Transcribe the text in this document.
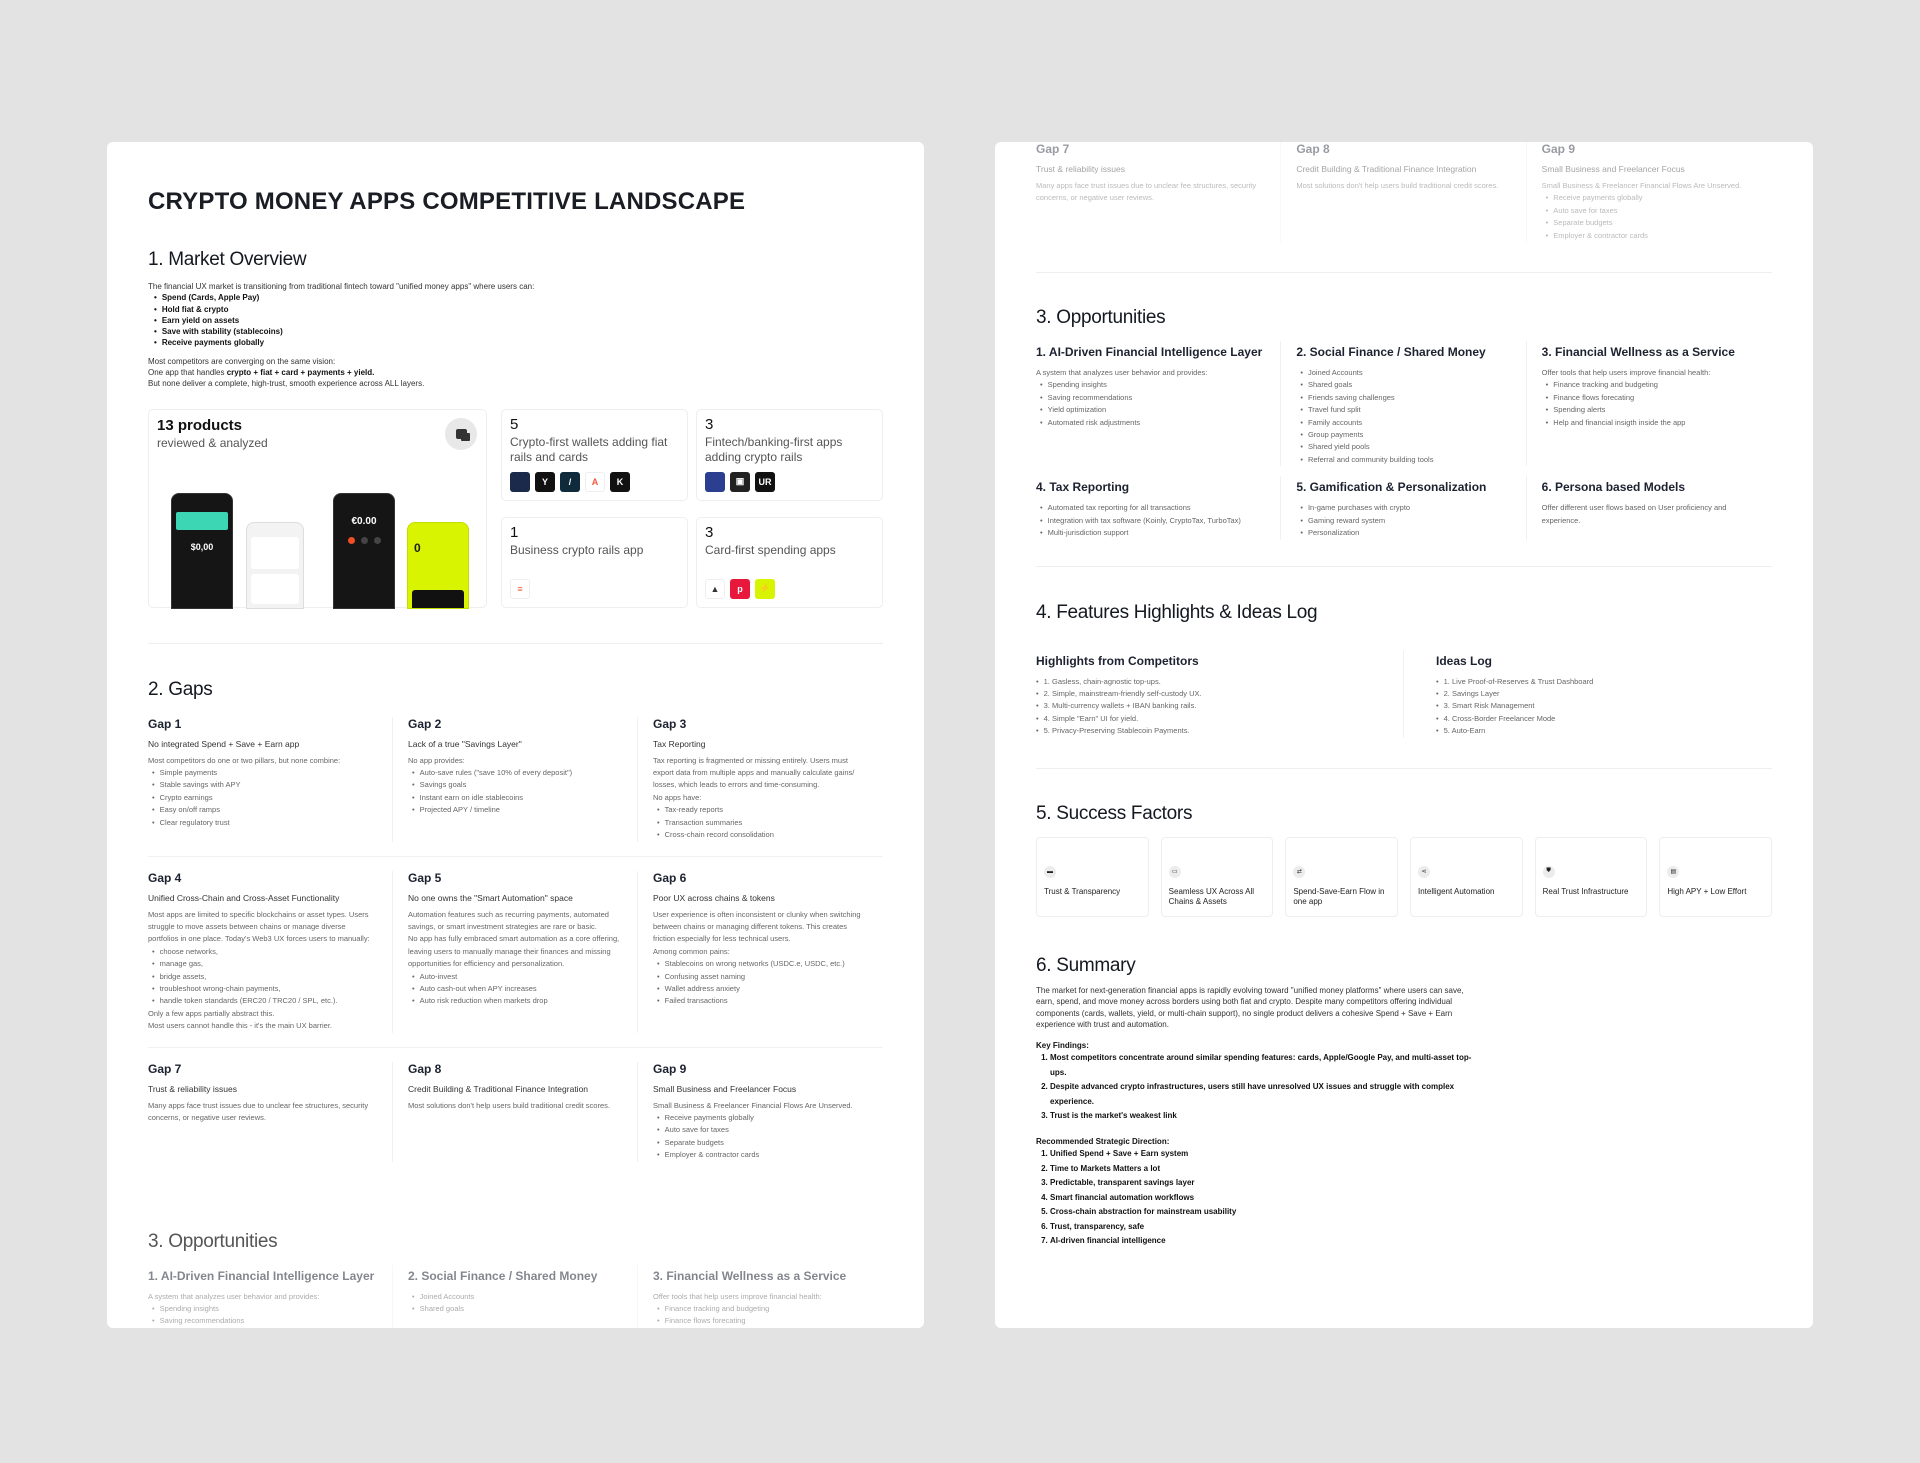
CRYPTO MONEY APPS COMPETITIVE LANDSCAPE
1. Market Overview
The financial UX market is transitioning from traditional fintech toward "unified money apps" where users can:
• Spend (Cards, Apple Pay)
• Hold fiat & crypto
• Earn yield on assets
• Save with stability (stablecoins)
• Receive payments globally
Most competitors are converging on the same vision:
One app that handles crypto + fiat + card + payments + yield.
But none deliver a complete, high-trust, smooth experience across ALL layers.
13 products
reviewed & analyzed
$0,00
€0.00
0
5
Crypto-first wallets adding fiat rails and cards
Y	/	A	K
3
Fintech/banking-first apps adding crypto rails
▣	UR
1
Business crypto rails app
≡
3
Card-first spending apps
▲	p	⚡
2. Gaps
Gap 1
No integrated Spend + Save + Earn app
Most competitors do one or two pillars, but none combine:
• Simple payments
• Stable savings with APY
• Crypto earnings
• Easy on/off ramps
• Clear regulatory trust
Gap 2
Lack of a true "Savings Layer"
No app provides:
• Auto-save rules ("save 10% of every deposit")
• Savings goals
• Instant earn on idle stablecoins
• Projected APY / timeline
Gap 3
Tax Reporting
Tax reporting is fragmented or missing entirely. Users must export data from multiple apps and manually calculate gains/ losses, which leads to errors and time-consuming.
No apps have:
• Tax-ready reports
• Transaction summaries
• Cross-chain record consolidation
Gap 4
Unified Cross-Chain and Cross-Asset Functionality
Most apps are limited to specific blockchains or asset types. Users struggle to move assets between chains or manage diverse portfolios in one place. Today's Web3 UX forces users to manually:
• choose networks,
• manage gas,
• bridge assets,
• troubleshoot wrong-chain payments,
• handle token standards (ERC20 / TRC20 / SPL, etc.).
Only a few apps partially abstract this.
Most users cannot handle this - it's the main UX barrier.
Gap 5
No one owns the "Smart Automation" space
Automation features such as recurring payments, automated savings, or smart investment strategies are rare or basic.
No app has fully embraced smart automation as a core offering, leaving users to manually manage their finances and missing opportunities for efficiency and personalization.
• Auto-invest
• Auto cash-out when APY increases
• Auto risk reduction when markets drop
Gap 6
Poor UX across chains & tokens
User experience is often inconsistent or clunky when switching between chains or managing different tokens. This creates friction especially for less technical users.
Among common pains:
• Stablecoins on wrong networks (USDC.e, USDC, etc.)
• Confusing asset naming
• Wallet address anxiety
• Failed transactions
Gap 7
Trust & reliability issues
Many apps face trust issues due to unclear fee structures, security concerns, or negative user reviews.
Gap 8
Credit Building & Traditional Finance Integration
Most solutions don't help users build traditional credit scores.
Gap 9
Small Business and Freelancer Focus
Small Business & Freelancer Financial Flows Are Unserved.
• Receive payments globally
• Auto save for taxes
• Separate budgets
• Employer & contractor cards
3. Opportunities
1. AI-Driven Financial Intelligence Layer
A system that analyzes user behavior and provides:
• Spending insights
• Saving recommendations
2. Social Finance / Shared Money
• Joined Accounts
• Shared goals
3. Financial Wellness as a Service
Offer tools that help users improve financial health:
• Finance tracking and budgeting
• Finance flows forecating
Gap 7
Trust & reliability issues
Many apps face trust issues due to unclear fee structures, security concerns, or negative user reviews.
Gap 8
Credit Building & Traditional Finance Integration
Most solutions don't help users build traditional credit scores.
Gap 9
Small Business and Freelancer Focus
Small Business & Freelancer Financial Flows Are Unserved.
• Receive payments globally
• Auto save for taxes
• Separate budgets
• Employer & contractor cards
3. Opportunities
1. AI-Driven Financial Intelligence Layer
A system that analyzes user behavior and provides:
• Spending insights
• Saving recommendations
• Yield optimization
• Automated risk adjustments
2. Social Finance / Shared Money
• Joined Accounts
• Shared goals
• Friends saving challenges
• Travel fund split
• Family accounts
• Group payments
• Shared yield pools
• Referral and community building tools
3. Financial Wellness as a Service
Offer tools that help users improve financial health:
• Finance tracking and budgeting
• Finance flows forecating
• Spending alerts
• Help and financial insigth inside the app
4. Tax Reporting
• Automated tax reporting for all transactions
• Integration with tax software (Koinly, CryptoTax, TurboTax)
• Multi-jurisdiction support
5. Gamification & Personalization
• In-game purchases with crypto
• Gaming reward system
• Personalization
6. Persona based Models
Offer different user flows based on User proficiency and experience.
4. Features Highlights & Ideas Log
Highlights from Competitors
• 1. Gasless, chain-agnostic top-ups.
• 2. Simple, mainstream-friendly self-custody UX.
• 3. Multi-currency wallets + IBAN banking rails.
• 4. Simple "Earn" UI for yield.
• 5. Privacy-Preserving Stablecoin Payments.
Ideas Log
• 1. Live Proof-of-Reserves & Trust Dashboard
• 2. Savings Layer
• 3. Smart Risk Management
• 4. Cross-Border Freelancer Mode
• 5. Auto-Earn
5. Success Factors
▬
Trust & Transparency
▭
Seamless UX Across All Chains & Assets
⇄
Spend-Save-Earn Flow in one app
⋖
Intelligent Automation
⛊
Real Trust Infrastructure
▤
High APY + Low Effort
6. Summary

The market for next-generation financial apps is rapidly evolving toward "unified money platforms" where users can save, earn, spend, and move money across borders using both fiat and crypto. Despite many competitors offering individual components (cards, wallets, yield, or multi-chain support), no single product delivers a cohesive Spend + Save + Earn experience with trust and automation.

Key Findings:
1. Most competitors concentrate around similar spending features: cards, Apple/Google Pay, and multi-asset top-ups.
2. Despite advanced crypto infrastructures, users still have unresolved UX issues and struggle with complex experience.
3. Trust is the market's weakest link
Recommended Strategic Direction:
1. Unified Spend + Save + Earn system
2. Time to Markets Matters a lot
3. Predictable, transparent savings layer
4. Smart financial automation workflows
5. Cross-chain abstraction for mainstream usability
6. Trust, transparency, safe
7. AI-driven financial intelligence
